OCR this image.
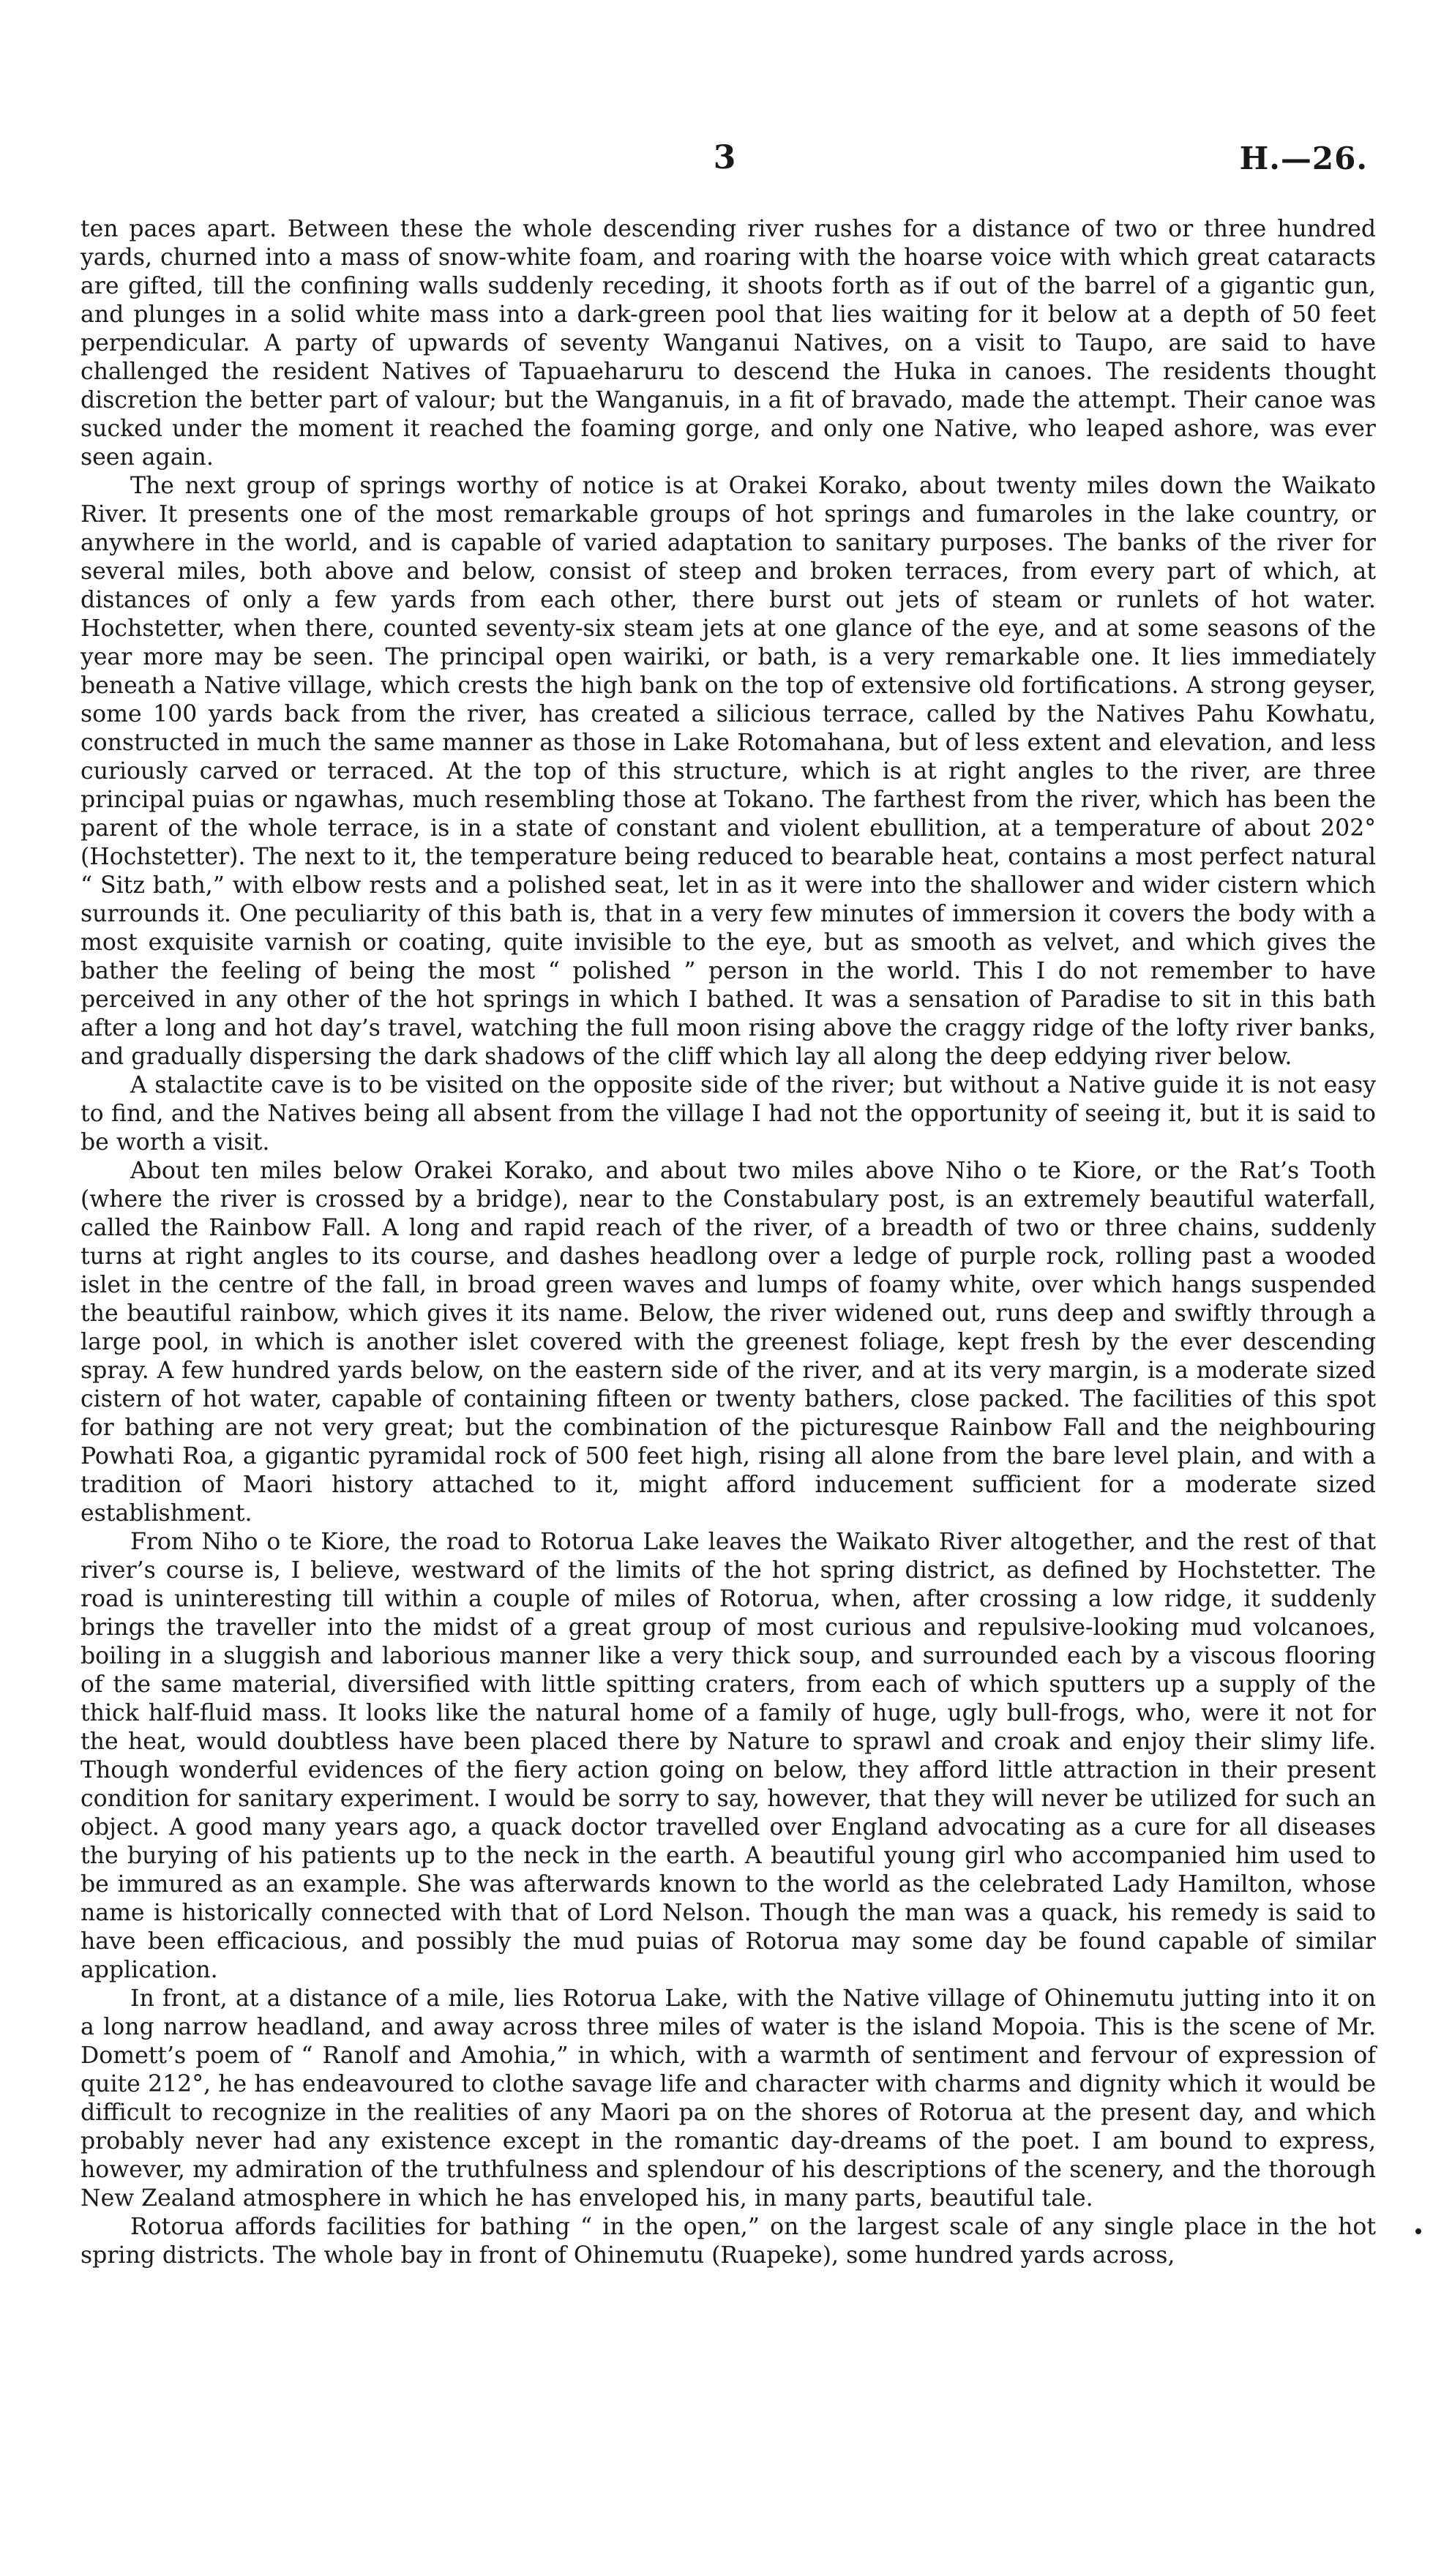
3	H.—26.

ten paces apart. Between these the whole descending river rushes for a distance of two or three hundred yards, churned into a mass of snow-white foam, and roaring with the hoarse voice with which great cataracts are gifted, till the confining walls suddenly receding, it shoots forth as if out of the barrel of a gigantic gun, and plunges in a solid white mass into a dark-green pool that lies waiting for it below at a depth of 50 feet perpendicular. A party of upwards of seventy Wanganui Natives, on a visit to Taupo, are said to have challenged the resident Natives of Tapuaeharuru to descend the Huka in canoes. The residents thought discretion the better part of valour; but the Wanganuis, in a fit of bravado, made the attempt. Their canoe was sucked under the moment it reached the foaming gorge, and only one Native, who leaped ashore, was ever seen again.

The next group of springs worthy of notice is at Orakei Korako, about twenty miles down the Waikato River. It presents one of the most remarkable groups of hot springs and fumaroles in the lake country, or anywhere in the world, and is capable of varied adaptation to sanitary purposes. The banks of the river for several miles, both above and below, consist of steep and broken terraces, from every part of which, at distances of only a few yards from each other, there burst out jets of steam or runlets of hot water. Hochstetter, when there, counted seventy-six steam jets at one glance of the eye, and at some seasons of the year more may be seen. The principal open wairiki, or bath, is a very remarkable one. It lies immediately beneath a Native village, which crests the high bank on the top of extensive old fortifications. A strong geyser, some 100 yards back from the river, has created a silicious terrace, called by the Natives Pahu Kowhatu, constructed in much the same manner as those in Lake Rotomahana, but of less extent and elevation, and less curiously carved or terraced. At the top of this structure, which is at right angles to the river, are three principal puias or ngawhas, much resembling those at Tokano. The farthest from the river, which has been the parent of the whole terrace, is in a state of constant and violent ebullition, at a temperature of about 202° (Hochstetter). The next to it, the temperature being reduced to bearable heat, contains a most perfect natural “ Sitz bath,” with elbow rests and a polished seat, let in as it were into the shallower and wider cistern which surrounds it. One peculiarity of this bath is, that in a very few minutes of immersion it covers the body with a most exquisite varnish or coating, quite invisible to the eye, but as smooth as velvet, and which gives the bather the feeling of being the most “ polished ” person in the world. This I do not remember to have perceived in any other of the hot springs in which I bathed. It was a sensation of Paradise to sit in this bath after a long and hot day’s travel, watching the full moon rising above the craggy ridge of the lofty river banks, and gradually dispersing the dark shadows of the cliff which lay all along the deep eddying river below.

A stalactite cave is to be visited on the opposite side of the river; but without a Native guide it is not easy to find, and the Natives being all absent from the village I had not the opportunity of seeing it, but it is said to be worth a visit.

About ten miles below Orakei Korako, and about two miles above Niho o te Kiore, or the Rat’s Tooth (where the river is crossed by a bridge), near to the Constabulary post, is an extremely beautiful waterfall, called the Rainbow Fall. A long and rapid reach of the river, of a breadth of two or three chains, suddenly turns at right angles to its course, and dashes headlong over a ledge of purple rock, rolling past a wooded islet in the centre of the fall, in broad green waves and lumps of foamy white, over which hangs suspended the beautiful rainbow, which gives it its name. Below, the river widened out, runs deep and swiftly through a large pool, in which is another islet covered with the greenest foliage, kept fresh by the ever descending spray. A few hundred yards below, on the eastern side of the river, and at its very margin, is a moderate sized cistern of hot water, capable of containing fifteen or twenty bathers, close packed. The facilities of this spot for bathing are not very great; but the combination of the picturesque Rainbow Fall and the neighbouring Powhati Roa, a gigantic pyramidal rock of 500 feet high, rising all alone from the bare level plain, and with a tradition of Maori history attached to it, might afford inducement sufficient for a moderate sized establishment.

From Niho o te Kiore, the road to Rotorua Lake leaves the Waikato River altogether, and the rest of that river’s course is, I believe, westward of the limits of the hot spring district, as defined by Hochstetter. The road is uninteresting till within a couple of miles of Rotorua, when, after crossing a low ridge, it suddenly brings the traveller into the midst of a great group of most curious and repulsive-looking mud volcanoes, boiling in a sluggish and laborious manner like a very thick soup, and surrounded each by a viscous flooring of the same material, diversified with little spitting craters, from each of which sputters up a supply of the thick half-fluid mass. It looks like the natural home of a family of huge, ugly bull-frogs, who, were it not for the heat, would doubtless have been placed there by Nature to sprawl and croak and enjoy their slimy life. Though wonderful evidences of the fiery action going on below, they afford little attraction in their present condition for sanitary experiment. I would be sorry to say, however, that they will never be utilized for such an object. A good many years ago, a quack doctor travelled over England advocating as a cure for all diseases the burying of his patients up to the neck in the earth. A beautiful young girl who accompanied him used to be immured as an example. She was afterwards known to the world as the celebrated Lady Hamilton, whose name is historically connected with that of Lord Nelson. Though the man was a quack, his remedy is said to have been efficacious, and possibly the mud puias of Rotorua may some day be found capable of similar application.

In front, at a distance of a mile, lies Rotorua Lake, with the Native village of Ohinemutu jutting into it on a long narrow headland, and away across three miles of water is the island Mopoia. This is the scene of Mr. Domett’s poem of “ Ranolf and Amohia,” in which, with a warmth of sentiment and fervour of expression of quite 212°, he has endeavoured to clothe savage life and character with charms and dignity which it would be difficult to recognize in the realities of any Maori pa on the shores of Rotorua at the present day, and which probably never had any existence except in the romantic day-dreams of the poet. I am bound to express, however, my admiration of the truthfulness and splendour of his descriptions of the scenery, and the thorough New Zealand atmosphere in which he has enveloped his, in many parts, beautiful tale.

Rotorua affords facilities for bathing “ in the open,” on the largest scale of any single place in the hot spring districts. The whole bay in front of Ohinemutu (Ruapeke), some hundred yards across,
